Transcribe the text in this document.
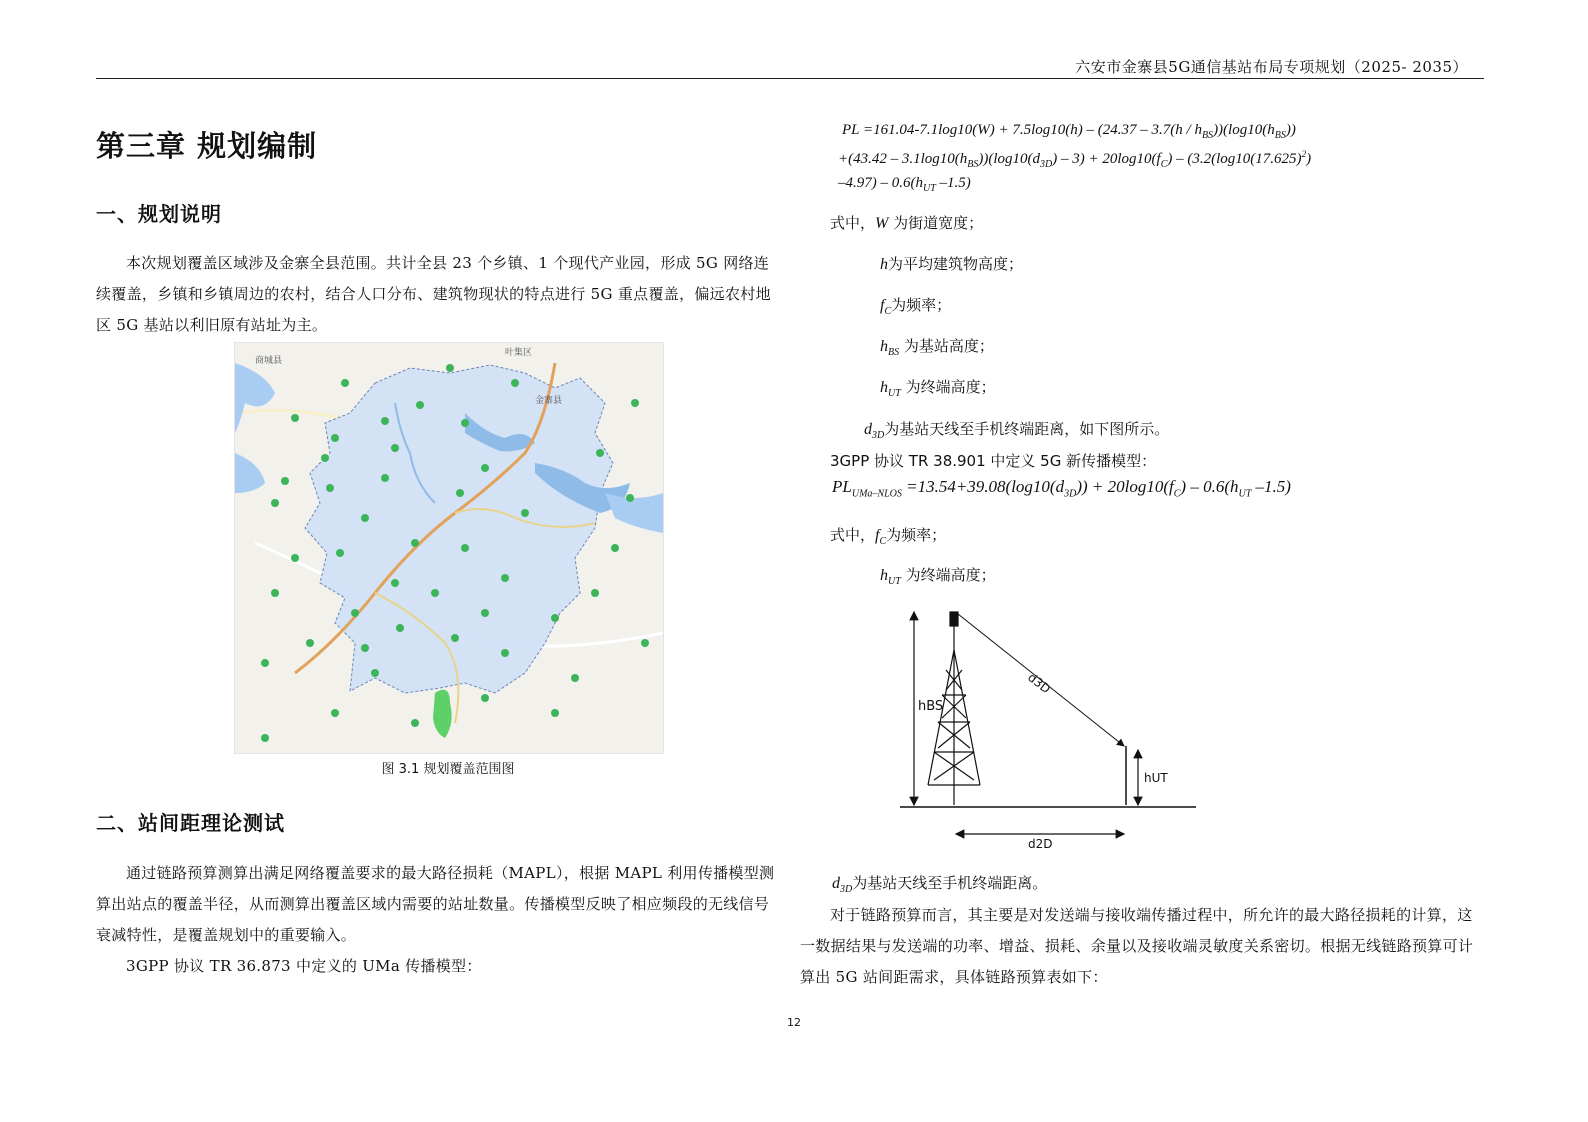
六安市金寨县5G通信基站布局专项规划（2025- 2035）
第三章 规划编制
一、规划说明

本次规划覆盖区域涉及金寨全县范围。共计全县 23 个乡镇、1 个现代产业园，形成 5G 网络连续覆盖，乡镇和乡镇周边的农村，结合人口分布、建筑物现状的特点进行 5G 重点覆盖，偏远农村地区 5G 基站以利旧原有站址为主。

商城县
叶集区
金寨县
图 3.1 规划覆盖范围图
二、站间距理论测试

通过链路预算测算出满足网络覆盖要求的最大路径损耗（MAPL），根据 MAPL 利用传播模型测算出站点的覆盖半径，从而测算出覆盖区域内需要的站址数量。传播模型反映了相应频段的无线信号衰减特性，是覆盖规划中的重要输入。

3GPP 协议 TR 36.873 中定义的 UMa 传播模型：

PL $=161.04-7.1\log 10(W) + 7.5\log 10(h) - (24.37 - 3.7(h / h_{BS}))(\log 10(h_{BS}))$
$+(43.42 - 3.1\log 10(h_{BS}))(\log 10(d_{3D}) - 3) + 20\log 10(f_C) - (3.2(\log 10(17.625)^2)$
$-4.97) - 0.6(h_{UT}$ –1.5)
式中，W 为街道宽度；
h为平均建筑物高度；
$f_C$为频率；
$h_{BS}$ 为基站高度；
$h_{UT}$ 为终端高度；
$d_{3D}$为基站天线至手机终端距离，如下图所示。
3GPP 协议 TR 38.901 中定义 5G 新传播模型：
$PL_{UMa-NLOS} =13.54+39.08(\log 10(d_{3D})) + 20\log 10(f_C) - 0.6(h_{UT}$ –1.5)
式中，$f_C$为频率；
$h_{UT}$ 为终端高度；
hBS
d3D
hUT
d2D
$d_{3D}$为基站天线至手机终端距离。

对于链路预算而言，其主要是对发送端与接收端传播过程中，所允许的最大路径损耗的计算，这一数据结果与发送端的功率、增益、损耗、余量以及接收端灵敏度关系密切。根据无线链路预算可计算出 5G 站间距需求，具体链路预算表如下：

12
